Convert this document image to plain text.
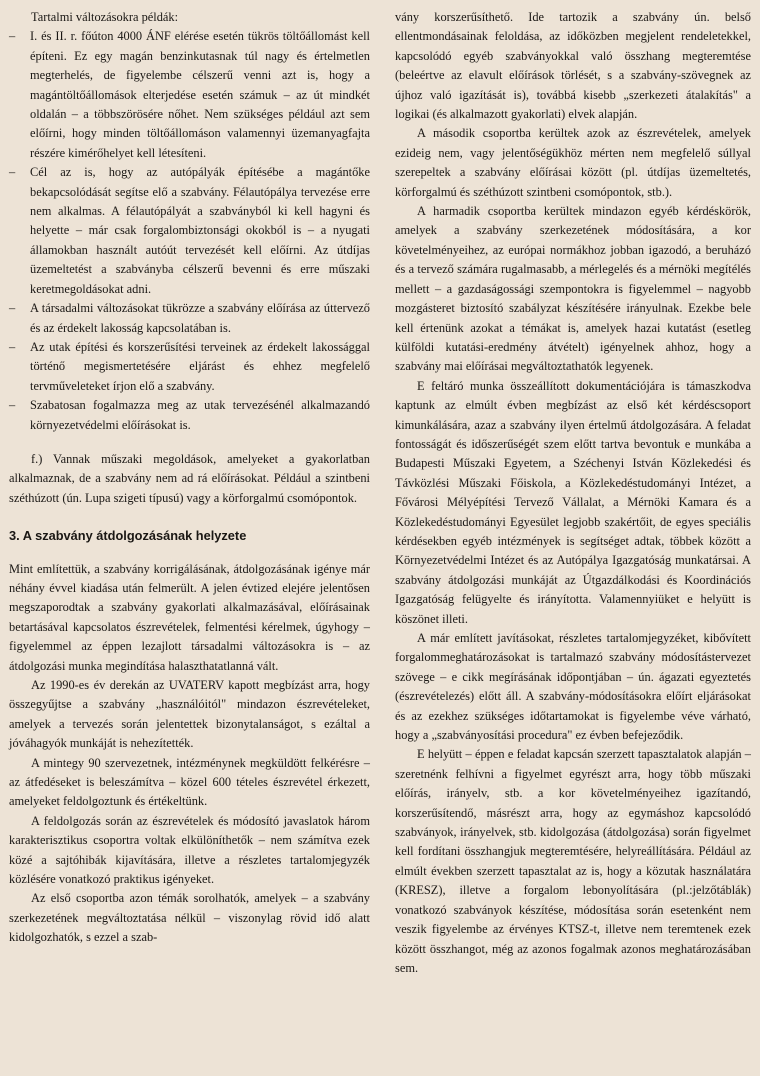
Tartalmi változásokra példák:

– I. és II. r. főúton 4000 ÁNF elérése esetén tükrös töltőállomást kell építeni. Ez egy magán benzinkutasnak túl nagy és értelmetlen megterhelés, de figyelembe célszerű venni azt is, hogy a magántöltőállomások elterjedése esetén számuk – az út mindkét oldalán – a többszörösére nőhet. Nem szükséges például azt sem előírni, hogy minden töltőállomáson valamennyi üzemanyagfajta részére kimérőhelyet kell létesíteni.
– Cél az is, hogy az autópályák építésébe a magántőke bekapcsolódását segítse elő a szabvány. Félautópálya tervezése erre nem alkalmas. A félautópályát a szabványból ki kell hagyni és helyette – már csak forgalombiztonsági okokból is – a nyugati államokban használt autóút tervezését kell előírni. Az útdíjas üzemeltetést a szabványba célszerű bevenni és erre műszaki keretmegoldásokat adni.
– A társadalmi változásokat tükrözze a szabvány előírása az úttervező és az érdekelt lakosság kapcsolatában is.
– Az utak építési és korszerűsítési terveinek az érdekelt lakossággal történő megismertetésére eljárást és ehhez megfelelő tervműveleteket írjon elő a szabvány.
– Szabatosan fogalmazza meg az utak tervezésénél alkalmazandó környezetvédelmi előírásokat is.

f.) Vannak műszaki megoldások, amelyeket a gyakorlatban alkalmaznak, de a szabvány nem ad rá előírásokat. Például a szintbeni széthúzott (ún. Lupa szigeti típusú) vagy a körforgalmú csomópontok.

3. A szabvány átdolgozásának helyzete

Mint említettük, a szabvány korrigálásának, átdolgozásának igénye már néhány évvel kiadása után felmerült. A jelen évtized elejére jelentősen megszaporodtak a szabvány gyakorlati alkalmazásával, előírásainak betartásával kapcsolatos észrevételek, felmentési kérelmek, úgyhogy – figyelemmel az éppen lezajlott társadalmi változásokra is – az átdolgozási munka megindítása halaszthatatlanná vált.

Az 1990-es év derekán az UVATERV kapott megbízást arra, hogy összegyűjtse a szabvány „használóitól" mindazon észrevételeket, amelyek a tervezés során jelentettek bizonytalanságot, s ezáltal a jóváhagyók munkáját is nehezítették.

A mintegy 90 szervezetnek, intézménynek megküldött felkérésre – az átfedéseket is beleszámítva – közel 600 tételes észrevétel érkezett, amelyeket feldolgoztunk és értékeltünk.

A feldolgozás során az észrevételek és módosító javaslatok három karakterisztikus csoportra voltak elkülöníthetők – nem számítva ezek közé a sajtóhibák kijavítására, illetve a részletes tartalomjegyzék közlésére vonatkozó praktikus igényeket.

Az első csoportba azon témák sorolhatók, amelyek – a szabvány szerkezetének megváltoztatása nélkül – viszonylag rövid idő alatt kidolgozhatók, s ezzel a szab-

vány korszerűsíthető. Ide tartozik a szabvány ún. belső ellentmondásainak feloldása, az időközben megjelent rendeletekkel, kapcsolódó egyéb szabványokkal való összhang megteremtése (beleértve az elavult előírások törlését, s a szabvány-szövegnek az újhoz való igazítását is), továbbá kisebb „szerkezeti átalakítás" a logikai (és alkalmazott gyakorlati) elvek alapján.

A második csoportba kerültek azok az észrevételek, amelyek ezideig nem, vagy jelentőségükhöz mérten nem megfelelő súllyal szerepeltek a szabvány előírásai között (pl. útdíjas üzemeltetés, körforgalmú és széthúzott szintbeni csomópontok, stb.).

A harmadik csoportba kerültek mindazon egyéb kérdéskörök, amelyek a szabvány szerkezetének módosítására, a kor követelményeihez, az európai normákhoz jobban igazodó, a beruházó és a tervező számára rugalmasabb, a mérlegelés és a mérnöki megítélés mellett – a gazdaságossági szempontokra is figyelemmel – nagyobb mozgásteret biztosító szabályzat készítésére irányulnak. Ezekbe bele kell értenünk azokat a témákat is, amelyek hazai kutatást (esetleg külföldi kutatási-eredmény átvételt) igényelnek ahhoz, hogy a szabvány mai előírásai megváltoztathatók legyenek.

E feltáró munka összeállított dokumentációjára is támaszkodva kaptunk az elmúlt évben megbízást az első két kérdéscsoport kimunkálására, azaz a szabvány ilyen értelmű átdolgozására. A feladat fontosságát és időszerűségét szem előtt tartva bevontuk e munkába a Budapesti Műszaki Egyetem, a Széchenyi István Közlekedési és Távközlési Műszaki Főiskola, a Közlekedéstudományi Intézet, a Fővárosi Mélyépítési Tervező Vállalat, a Mérnöki Kamara és a Közlekedéstudományi Egyesület legjobb szakértőit, de egyes speciális kérdésekben egyéb intézmények is segítséget adtak, többek között a Környezetvédelmi Intézet és az Autópálya Igazgatóság munkatársai. A szabvány átdolgozási munkáját az Útgazdálkodási és Koordinációs Igazgatóság felügyelte és irányította. Valamennyiüket e helyütt is köszönet illeti.

A már említett javításokat, részletes tartalomjegyzéket, kibővített forgalommeghatározásokat is tartalmazó szabvány módosítástervezet szövege – e cikk megírásának időpontjában – ún. ágazati egyeztetés (észrevételezés) előtt áll. A szabvány-módosításokra előírt eljárásokat és az ezekhez szükséges időtartamokat is figyelembe véve várható, hogy a „szabványosítási procedura" ez évben befejeződik.

E helyütt – éppen e feladat kapcsán szerzett tapasztalatok alapján – szeretnénk felhívni a figyelmet egyrészt arra, hogy több műszaki előírás, irányelv, stb. a kor követelményeihez igazítandó, korszerűsítendő, másrészt arra, hogy az egymáshoz kapcsolódó szabványok, irányelvek, stb. kidolgozása (átdolgozása) során figyelmet kell fordítani összhangjuk megteremtésére, helyreállítására. Például az elmúlt években szerzett tapasztalat az is, hogy a közutak használatára (KRESZ), illetve a forgalom lebonyolítására (pl.:jelzőtáblák) vonatkozó szabványok készítése, módosítása során esetenként nem veszik figyelembe az érvényes KTSZ-t, illetve nem teremtenek ezek között összhangot, még az azonos fogalmak azonos meghatározásában sem.
